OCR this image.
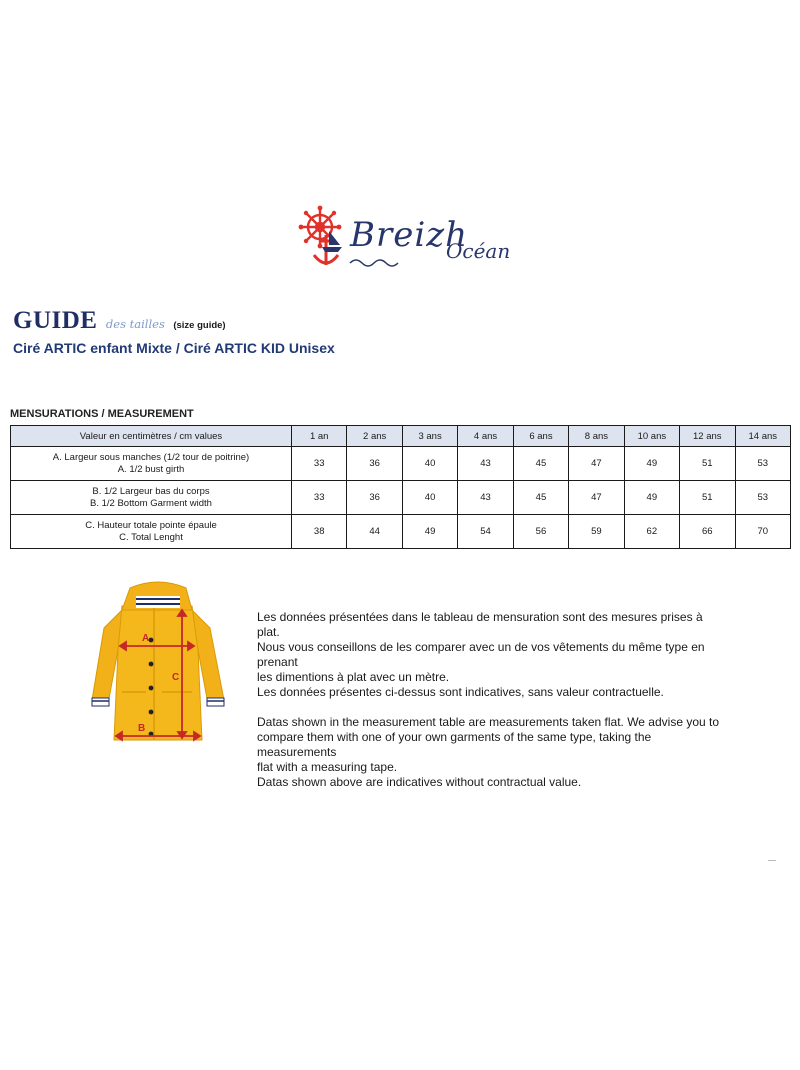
Breizh
Océan
GUIDE des tailles (size guide)
Ciré ARTIC enfant Mixte / Ciré ARTIC KID Unisex
MENSURATIONS / MEASUREMENT
Valeur en centimètres / cm values	1 an	2 ans	3 ans	4 ans	6 ans	8 ans	10 ans	12 ans	14 ans

A. Largeur sous manches (1/2 tour de poitrine)
A. 1/2 bust girth	33	36	40	43	45	47	49	51	53

B. 1/2 Largeur bas du corps
B. 1/2 Bottom Garment width	33	36	40	43	45	47	49	51	53

C. Hauteur totale pointe épaule
C. Total Lenght	38	44	49	54	56	59	62	66	70
A
C
B

Les données présentées dans le tableau de mensuration sont des mesures prises à plat.

Nous vous conseillons de les comparer avec un de vos vêtements du même type en prenant

les dimentions à plat avec un mètre.

Les données présentes ci-dessus sont indicatives, sans valeur contractuelle.

Datas shown in the measurement table are measurements taken flat. We advise you to

compare them with one of your own garments of the same type, taking the measurements

flat with a measuring tape.

Datas shown above are indicatives without contractual value.
